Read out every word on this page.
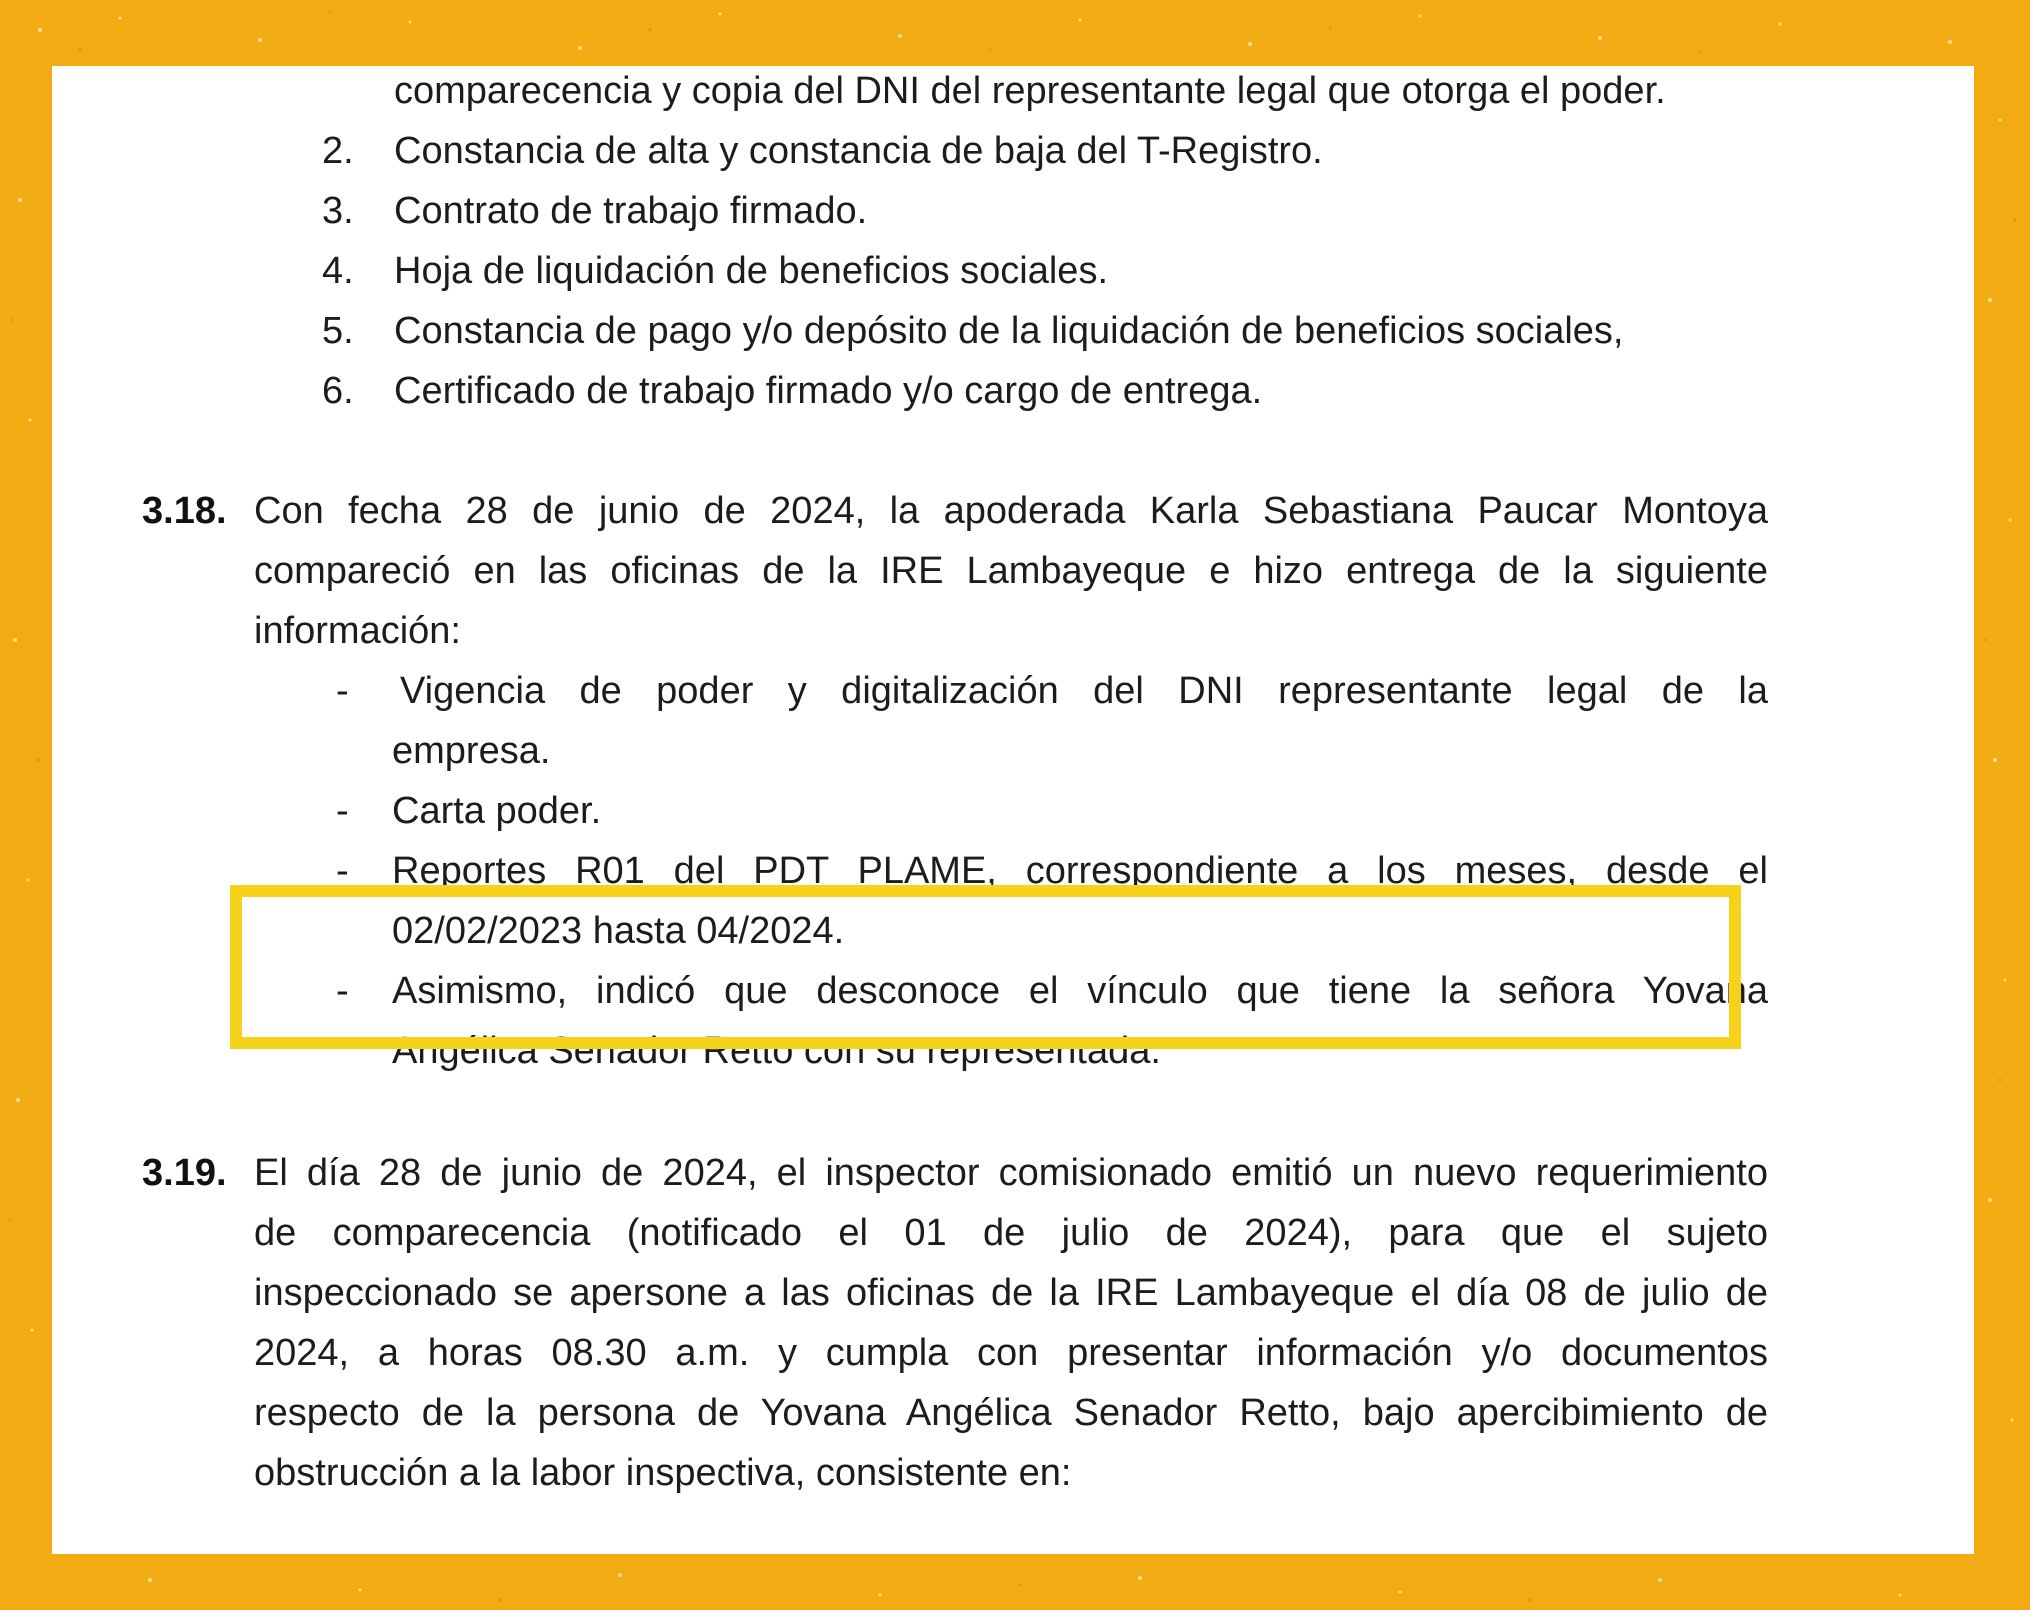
comparecencia y copia del DNI del representante legal que otorga el poder.
2. Constancia de alta y constancia de baja del T-Registro.
3. Contrato de trabajo firmado.
4. Hoja de liquidación de beneficios sociales.
5. Constancia de pago y/o depósito de la liquidación de beneficios sociales,
6. Certificado de trabajo firmado y/o cargo de entrega.
3.18. Con fecha 28 de junio de 2024, la apoderada Karla Sebastiana Paucar Montoya
compareció en las oficinas de la IRE Lambayeque e hizo entrega de la siguiente
información:
- Vigencia de poder y digitalización del DNI representante legal de la
empresa.
- Carta poder.
- Reportes R01 del PDT PLAME, correspondiente a los meses, desde el
02/02/2023 hasta 04/2024.
- Asimismo, indicó que desconoce el vínculo que tiene la señora Yovana
Angélica Senador Retto con su representada.
3.19. El día 28 de junio de 2024, el inspector comisionado emitió un nuevo requerimiento
de comparecencia (notificado el 01 de julio de 2024), para que el sujeto
inspeccionado se apersone a las oficinas de la IRE Lambayeque el día 08 de julio de
2024, a horas 08.30 a.m. y cumpla con presentar información y/o documentos
respecto de la persona de Yovana Angélica Senador Retto, bajo apercibimiento de
obstrucción a la labor inspectiva, consistente en:
